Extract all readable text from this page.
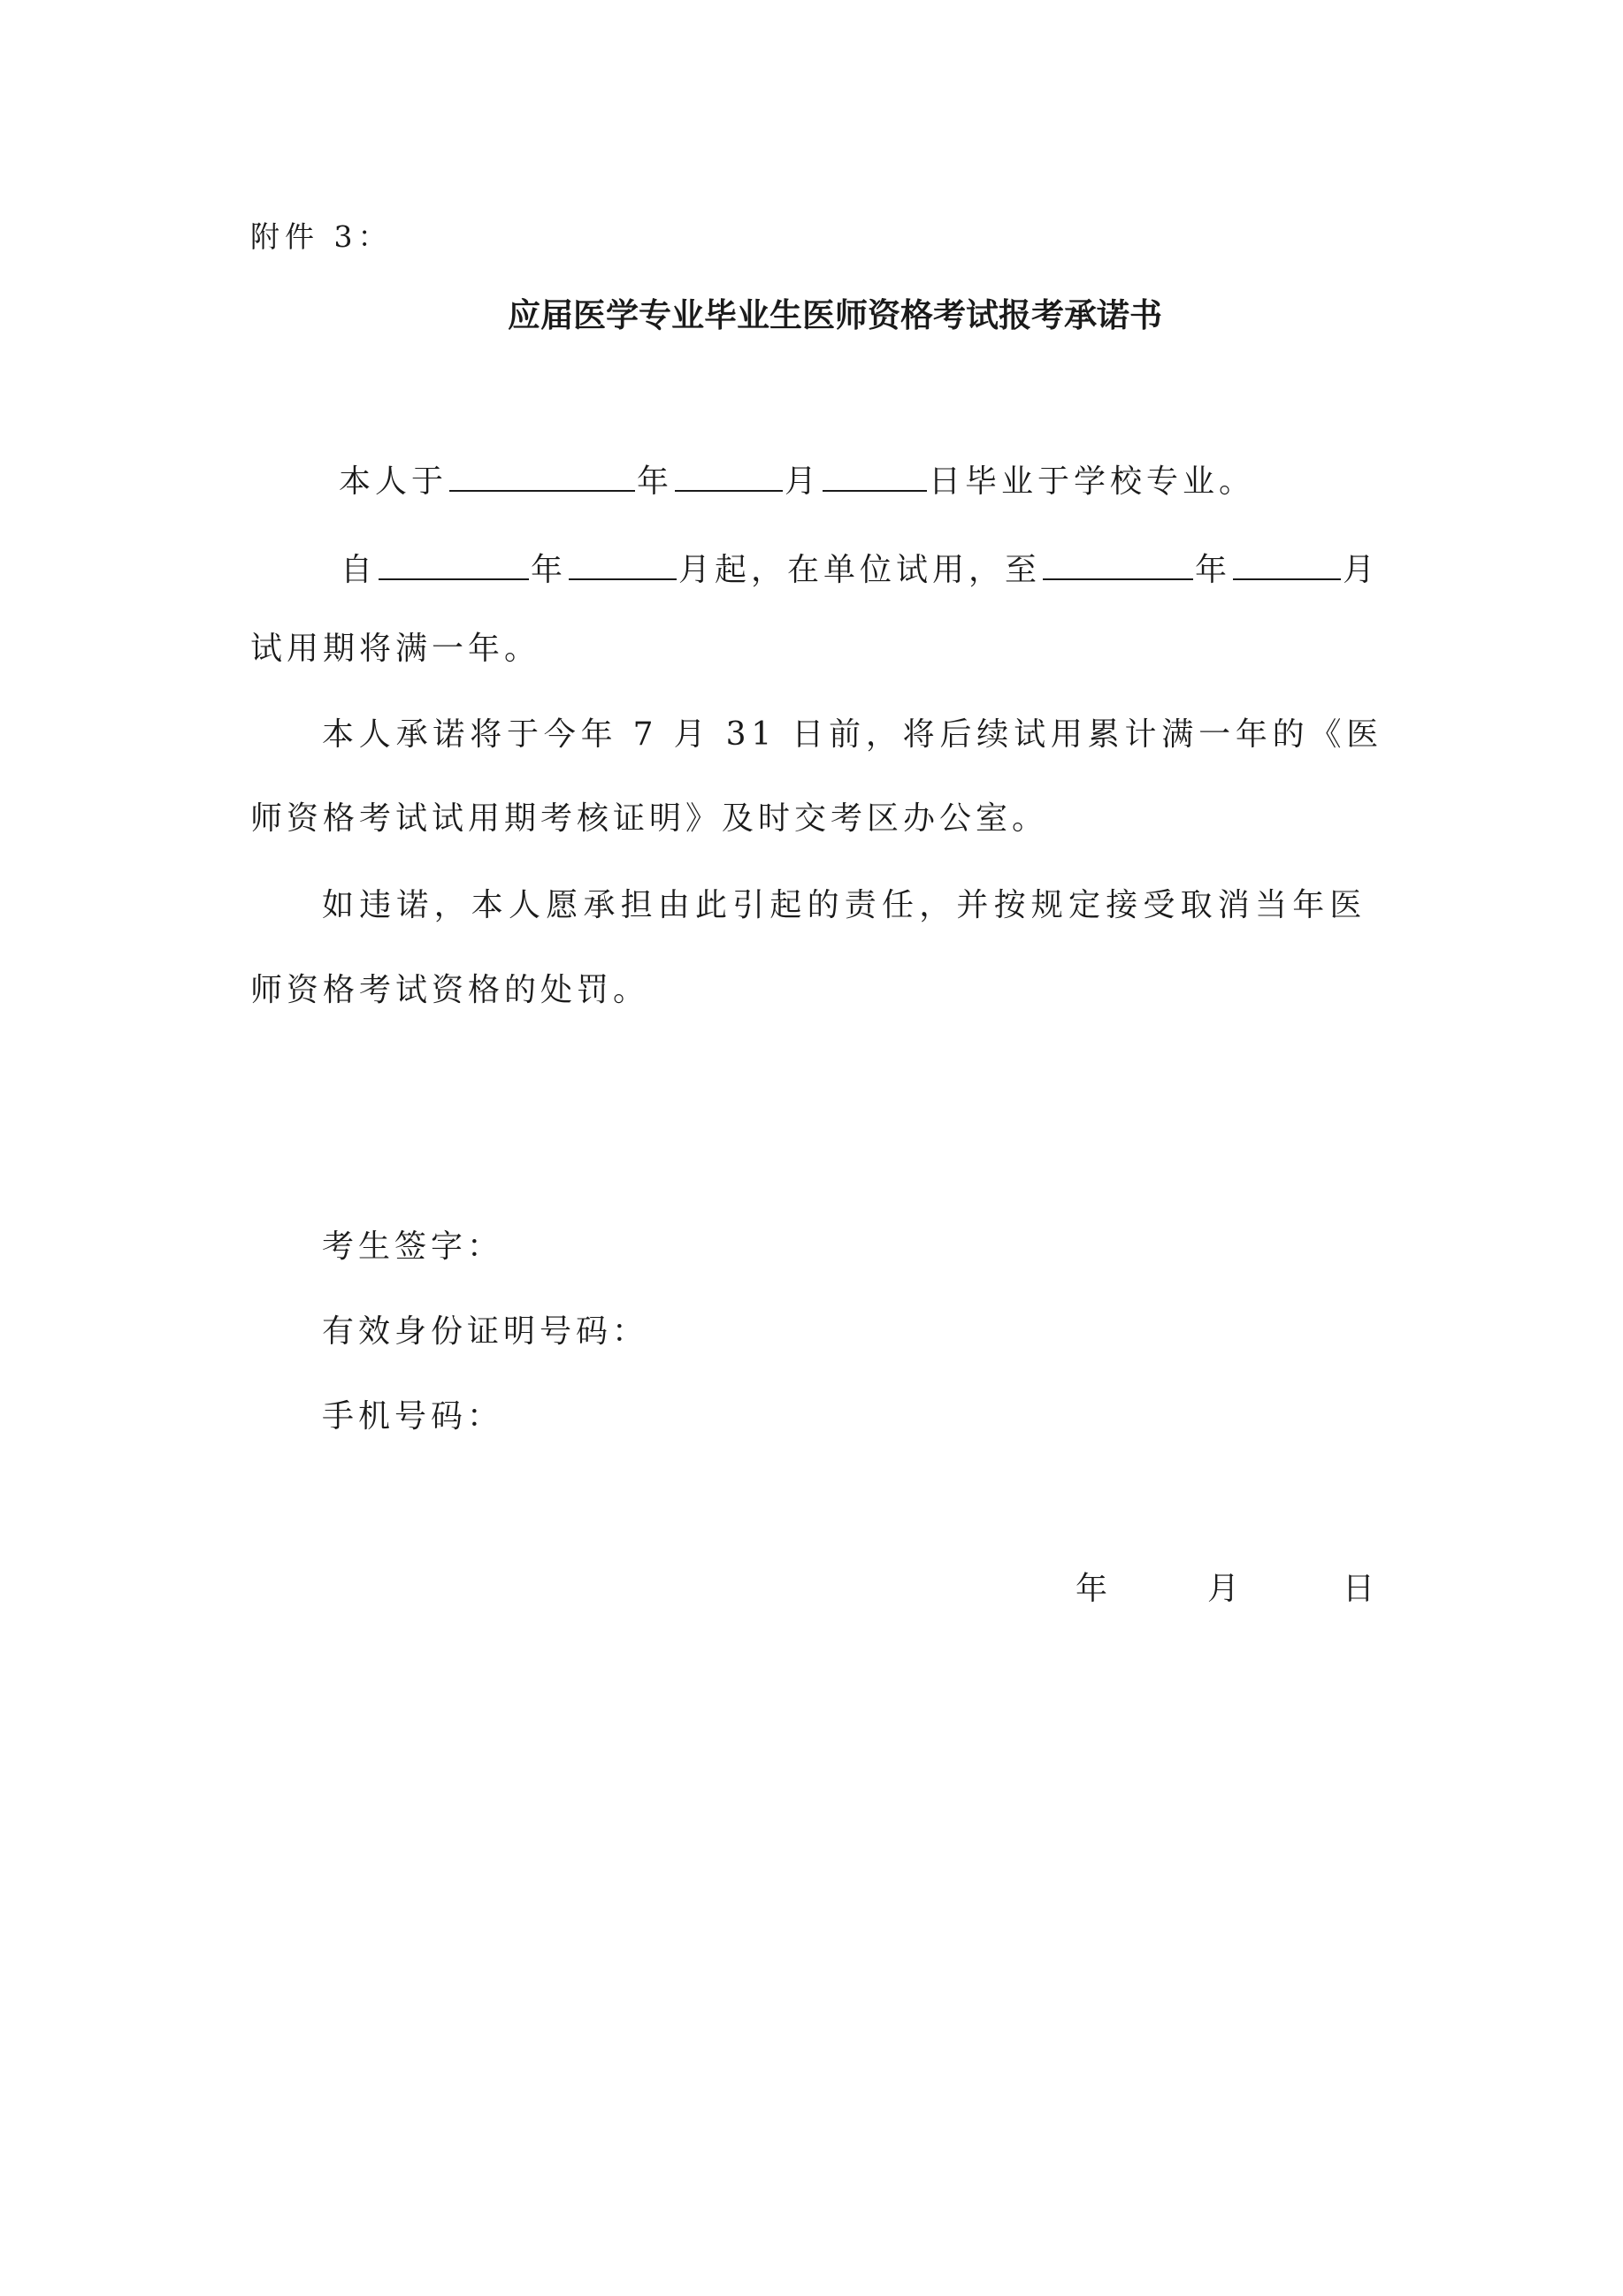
附件 3：
应届医学专业毕业生医师资格考试报考承诺书
本人于	年	月	日毕业于学校专业。
自	年	月起，在单位试用，至	年	月
试用期将满一年。
本人承诺将于今年 7 月 31 日前，将后续试用累计满一年的《医
师资格考试试用期考核证明》及时交考区办公室。
如违诺，本人愿承担由此引起的责任，并按规定接受取消当年医
师资格考试资格的处罚。
考生签字：
有效身份证明号码：
手机号码：
年	月	日
